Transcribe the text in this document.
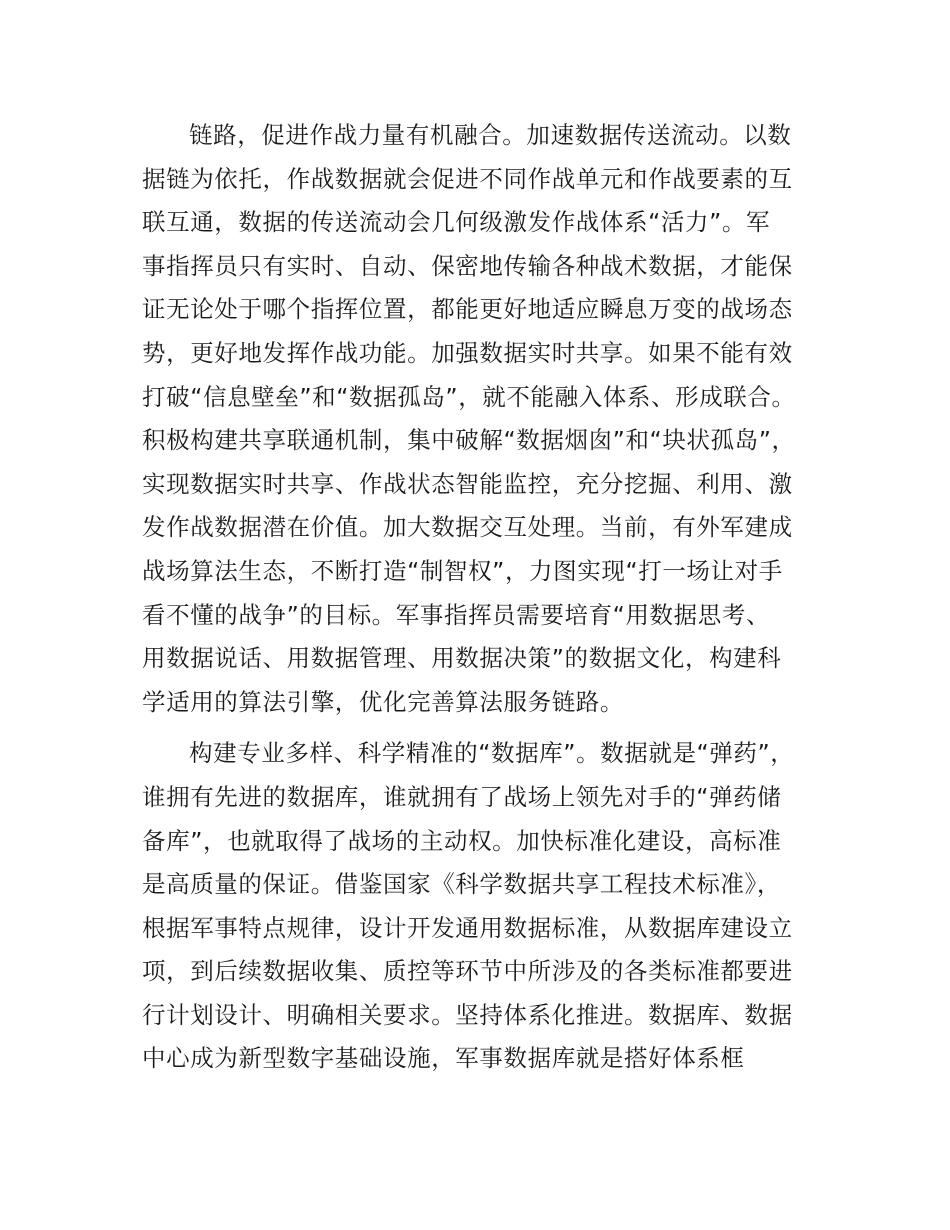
链路，促进作战力量有机融合。加速数据传送流动。以数
据链为依托，作战数据就会促进不同作战单元和作战要素的互
联互通，数据的传送流动会几何级激发作战体系“活力”。军
事指挥员只有实时、自动、保密地传输各种战术数据，才能保
证无论处于哪个指挥位置，都能更好地适应瞬息万变的战场态
势，更好地发挥作战功能。加强数据实时共享。如果不能有效
打破“信息壁垒”和“数据孤岛”，就不能融入体系、形成联合。
积极构建共享联通机制，集中破解“数据烟囱”和“块状孤岛”，
实现数据实时共享、作战状态智能监控，充分挖掘、利用、激
发作战数据潜在价值。加大数据交互处理。当前，有外军建成
战场算法生态，不断打造“制智权”，力图实现“打一场让对手
看不懂的战争”的目标。军事指挥员需要培育“用数据思考、
用数据说话、用数据管理、用数据决策”的数据文化，构建科
学适用的算法引擎，优化完善算法服务链路。
构建专业多样、科学精准的“数据库”。数据就是“弹药”，
谁拥有先进的数据库，谁就拥有了战场上领先对手的“弹药储
备库”，也就取得了战场的主动权。加快标准化建设，高标准
是高质量的保证。借鉴国家《科学数据共享工程技术标准》，
根据军事特点规律，设计开发通用数据标准，从数据库建设立
项，到后续数据收集、质控等环节中所涉及的各类标准都要进
行计划设计、明确相关要求。坚持体系化推进。数据库、数据
中心成为新型数字基础设施，军事数据库就是搭好体系框
